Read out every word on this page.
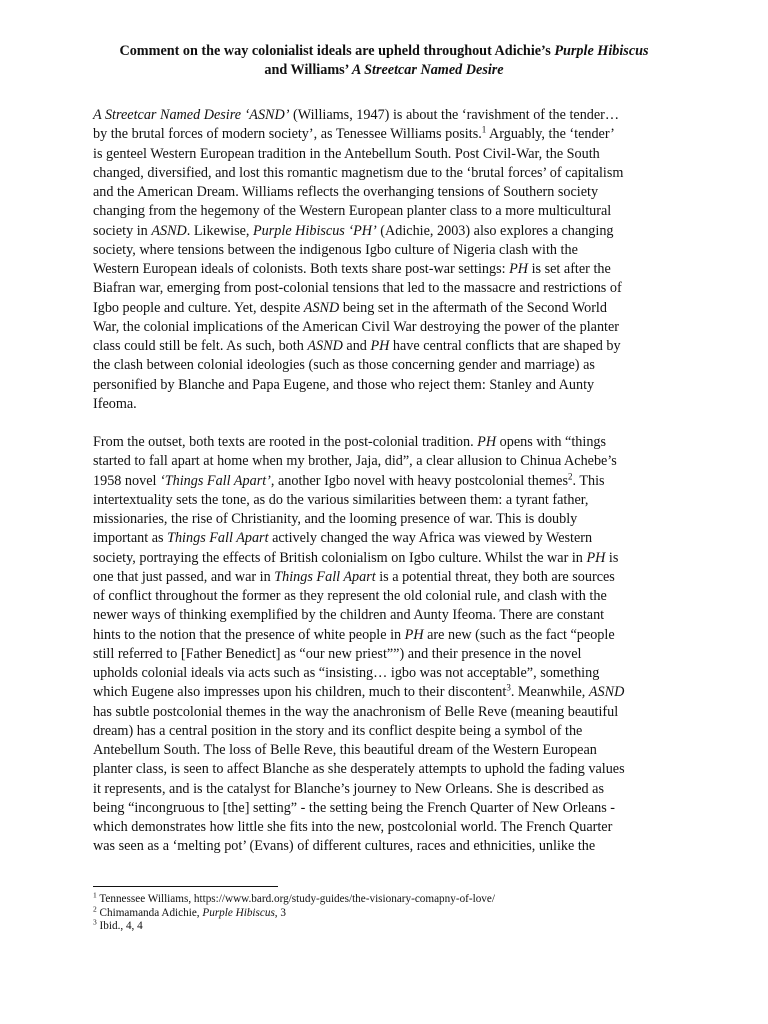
Comment on the way colonialist ideals are upheld throughout Adichie’s Purple Hibiscus
and Williams’ A Streetcar Named Desire

A Streetcar Named Desire ‘ASND’ (Williams, 1947) is about the ‘ravishment of the tender…
by the brutal forces of modern society’, as Tenessee Williams posits.$^1$ Arguably, the ‘tender’
is genteel Western European tradition in the Antebellum South. Post Civil-War, the South
changed, diversified, and lost this romantic magnetism due to the ‘brutal forces’ of capitalism
and the American Dream. Williams reflects the overhanging tensions of Southern society
changing from the hegemony of the Western European planter class to a more multicultural
society in ASND. Likewise, Purple Hibiscus ‘PH’ (Adichie, 2003) also explores a changing
society, where tensions between the indigenous Igbo culture of Nigeria clash with the
Western European ideals of colonists. Both texts share post-war settings: PH is set after the
Biafran war, emerging from post-colonial tensions that led to the massacre and restrictions of
Igbo people and culture. Yet, despite ASND being set in the aftermath of the Second World
War, the colonial implications of the American Civil War destroying the power of the planter
class could still be felt. As such, both ASND and PH have central conflicts that are shaped by
the clash between colonial ideologies (such as those concerning gender and marriage) as
personified by Blanche and Papa Eugene, and those who reject them: Stanley and Aunty
Ifeoma.

From the outset, both texts are rooted in the post-colonial tradition. PH opens with “things
started to fall apart at home when my brother, Jaja, did”, a clear allusion to Chinua Achebe’s
1958 novel ‘Things Fall Apart’, another Igbo novel with heavy postcolonial themes$^2$. This
intertextuality sets the tone, as do the various similarities between them: a tyrant father,
missionaries, the rise of Christianity, and the looming presence of war. This is doubly
important as Things Fall Apart actively changed the way Africa was viewed by Western
society, portraying the effects of British colonialism on Igbo culture. Whilst the war in PH is
one that just passed, and war in Things Fall Apart is a potential threat, they both are sources
of conflict throughout the former as they represent the old colonial rule, and clash with the
newer ways of thinking exemplified by the children and Aunty Ifeoma. There are constant
hints to the notion that the presence of white people in PH are new (such as the fact “people
still referred to [Father Benedict] as “our new priest””) and their presence in the novel
upholds colonial ideals via acts such as “insisting… igbo was not acceptable”, something
which Eugene also impresses upon his children, much to their discontent$^3$. Meanwhile, ASND
has subtle postcolonial themes in the way the anachronism of Belle Reve (meaning beautiful
dream) has a central position in the story and its conflict despite being a symbol of the
Antebellum South. The loss of Belle Reve, this beautiful dream of the Western European
planter class, is seen to affect Blanche as she desperately attempts to uphold the fading values
it represents, and is the catalyst for Blanche’s journey to New Orleans. She is described as
being “incongruous to [the] setting” - the setting being the French Quarter of New Orleans -
which demonstrates how little she fits into the new, postcolonial world. The French Quarter
was seen as a ‘melting pot’ (Evans) of different cultures, races and ethnicities, unlike the

$^1$ Tennessee Williams, https://www.bard.org/study-guides/the-visionary-comapny-of-love/
$^2$ Chimamanda Adichie, Purple Hibiscus, 3
$^3$ Ibid., 4, 4
